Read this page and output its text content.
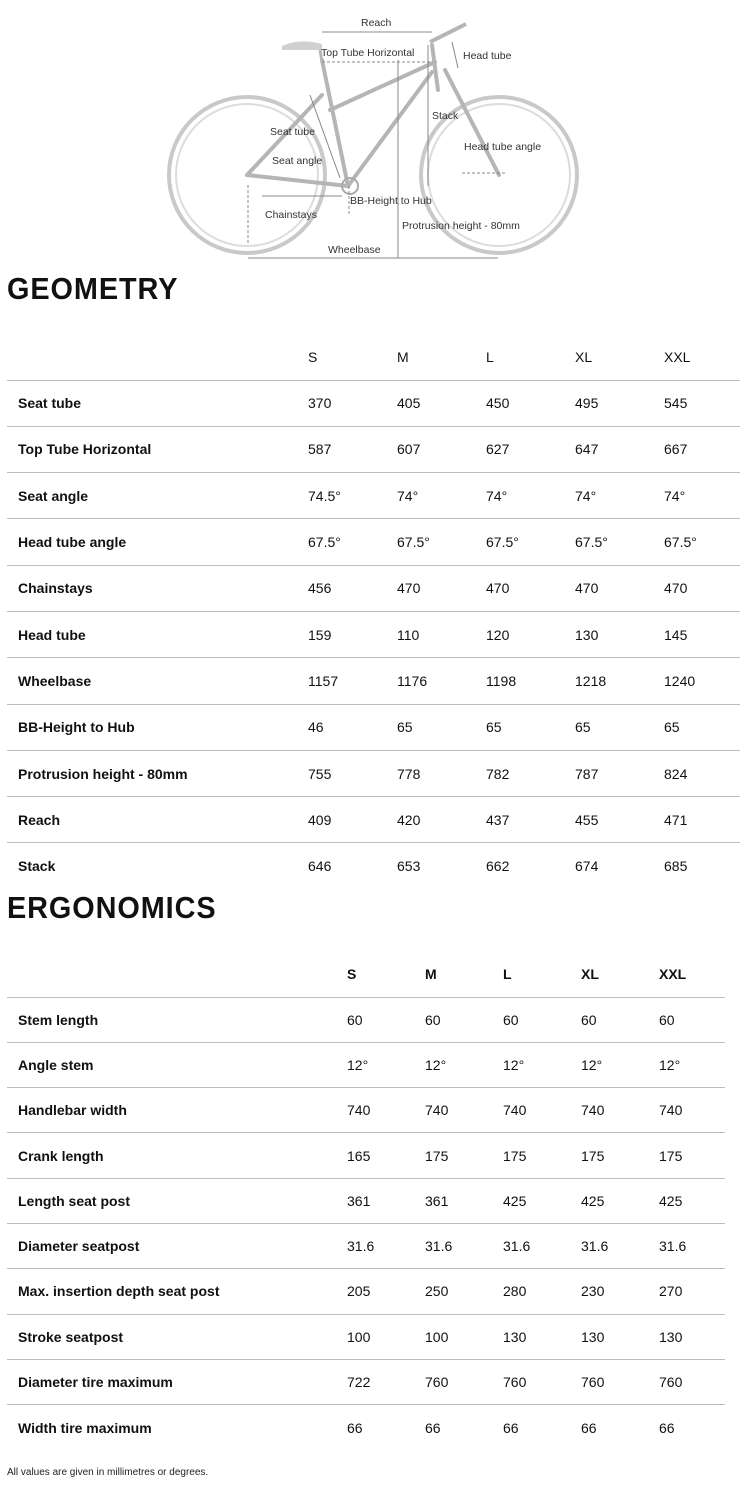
Reach
Top Tube Horizontal	Head tube
Seat tube
Stack
Head tube angle
Seat angle
BB-Height to Hub
Chainstays
Protrusion height - 80mm
Wheelbase
GEOMETRY
	S	M	L	XL	XXL
Seat tube	370	405	450	495	545
Top Tube Horizontal	587	607	627	647	667
Seat angle	74.5°	74°	74°	74°	74°
Head tube angle	67.5°	67.5°	67.5°	67.5°	67.5°
Chainstays	456	470	470	470	470
Head tube	159	110	120	130	145
Wheelbase	1157	1176	1198	1218	1240
BB-Height to Hub	46	65	65	65	65
Protrusion height - 80mm	755	778	782	787	824
Reach	409	420	437	455	471
Stack	646	653	662	674	685
ERGONOMICS
	S	M	L	XL	XXL
Stem length	60	60	60	60	60
Angle stem	12°	12°	12°	12°	12°
Handlebar width	740	740	740	740	740
Crank length	165	175	175	175	175
Length seat post	361	361	425	425	425
Diameter seatpost	31.6	31.6	31.6	31.6	31.6
Max. insertion depth seat post	205	250	280	230	270
Stroke seatpost	100	100	130	130	130
Diameter tire maximum	722	760	760	760	760
Width tire maximum	66	66	66	66	66

All values are given in millimetres or degrees.
